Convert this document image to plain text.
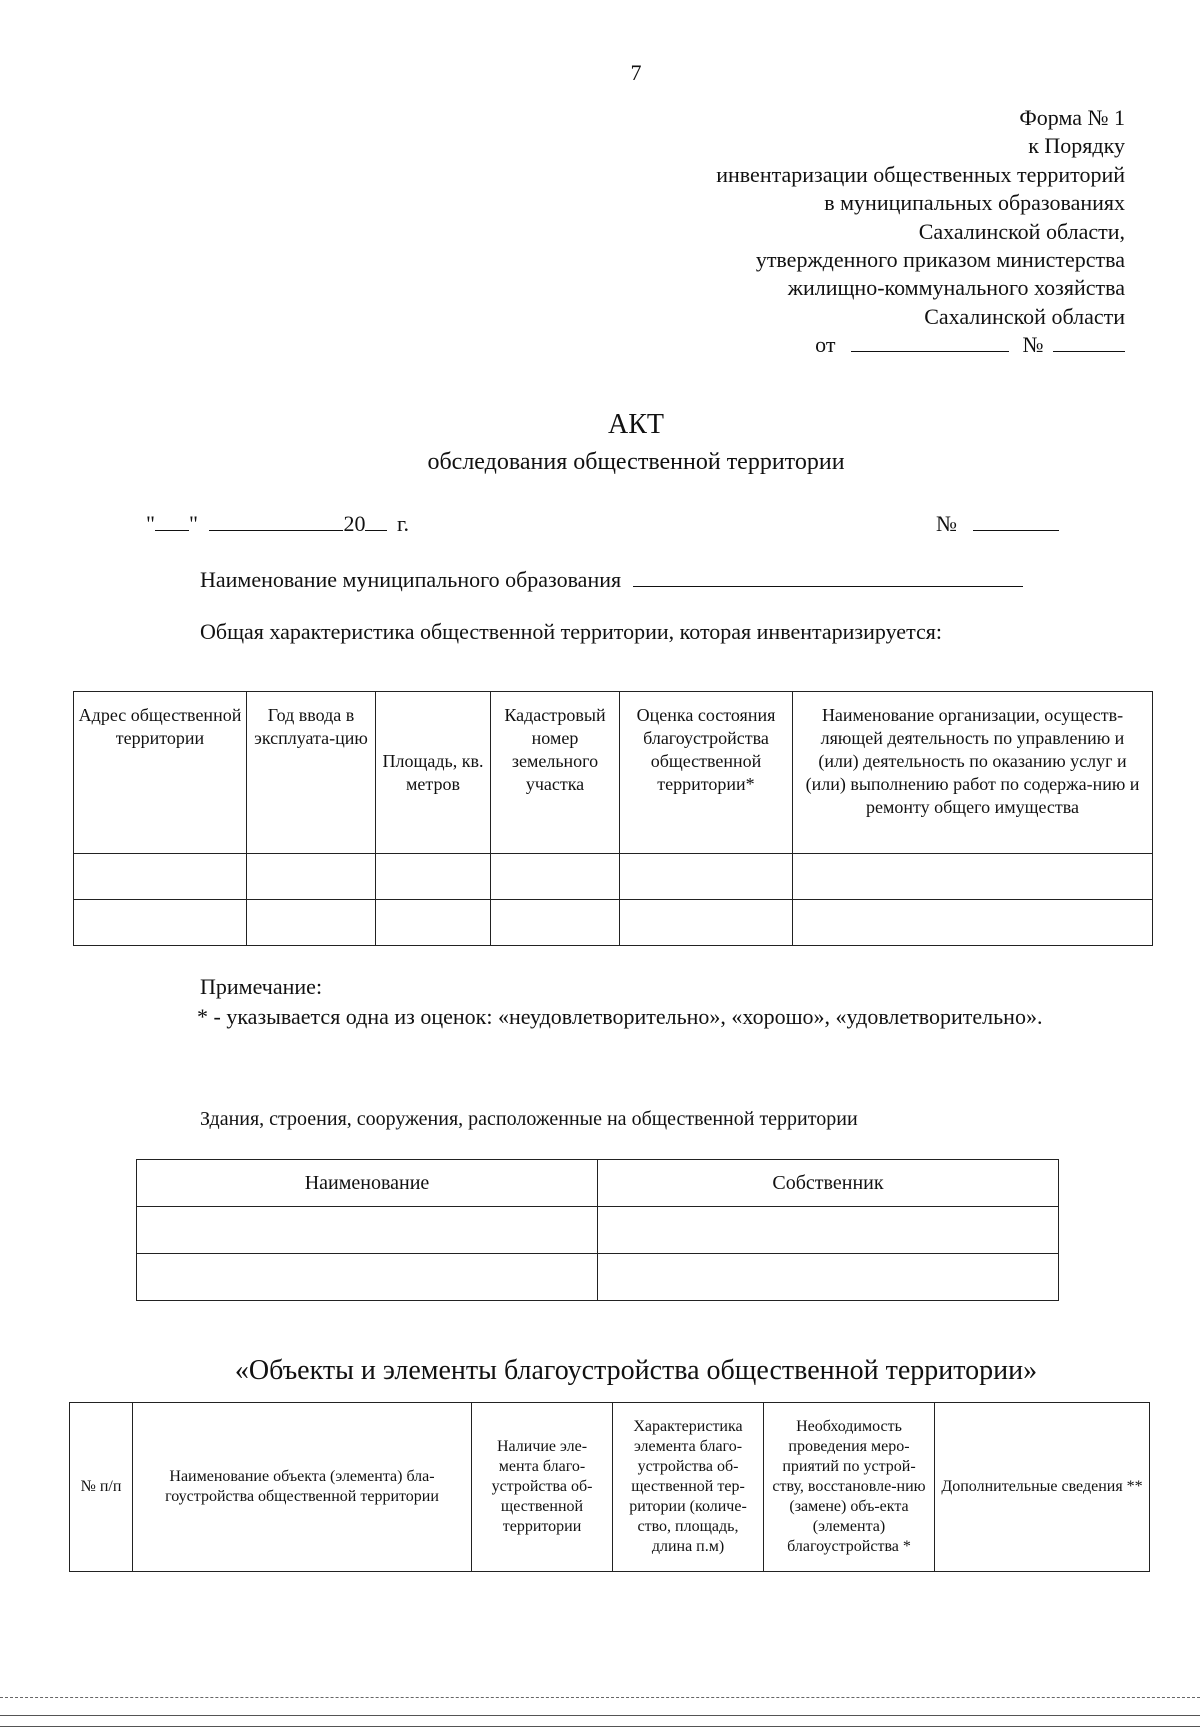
7
Форма № 1
к Порядку
инвентаризации общественных территорий
в муниципальных образованиях
Сахалинской области,
утвержденного приказом министерства
жилищно-коммунального хозяйства
Сахалинской области
от	№
АКТ
обследования общественной территории
" "	20 г.	№
Наименование муниципального образования
Общая характеристика общественной территории, которая инвентаризируется:
Адрес общественной территории	Год ввода в эксплуата-цию	Площадь, кв. метров	Кадастровый номер земельного участка	Оценка состояния благоустройства общественной территории*	Наименование организации, осуществ-ляющей деятельность по управлению и (или) деятельность по оказанию услуг и (или) выполнению работ по содержа-нию и ремонту общего имущества

Примечание:
* - указывается одна из оценок: «неудовлетворительно», «хорошо», «удовлетворительно».
Здания, строения, сооружения, расположенные на общественной территории
Наименование	Собственник

«Объекты и элементы благоустройства общественной территории»
№ п/п	Наименование объекта (элемента) бла-гоустройства общественной территории	Наличие эле-мента благо-устройства об-щественной территории	Характеристика элемента благо-устройства об-щественной тер-ритории (количе-ство, площадь, длина п.м)	Необходимость проведения меро-приятий по устрой-ству, восстановле-нию (замене) объ-екта (элемента) благоустройства *	Дополнительные сведения **
